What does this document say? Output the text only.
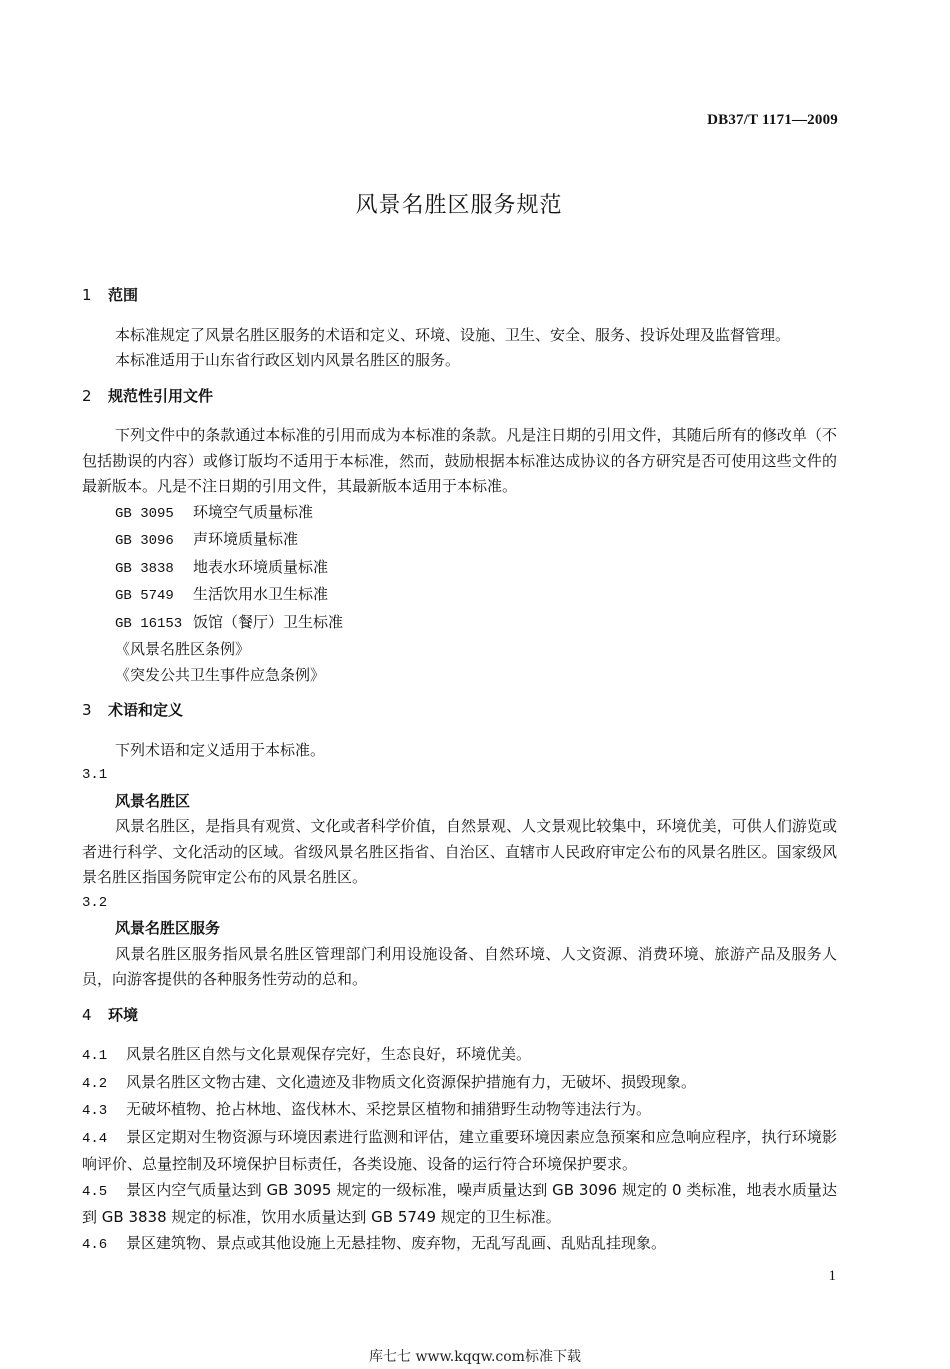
DB37/T 1171—2009
风景名胜区服务规范

1 范围

本标准规定了风景名胜区服务的术语和定义、环境、设施、卫生、安全、服务、投诉处理及监督管理。

本标准适用于山东省行政区划内风景名胜区的服务。

2 规范性引用文件

下列文件中的条款通过本标准的引用而成为本标准的条款。凡是注日期的引用文件，其随后所有的修改单（不包括勘误的内容）或修订版均不适用于本标准，然而，鼓励根据本标准达成协议的各方研究是否可使用这些文件的最新版本。凡是不注日期的引用文件，其最新版本适用于本标准。

GB 3095 环境空气质量标准

GB 3096 声环境质量标准

GB 3838 地表水环境质量标准

GB 5749 生活饮用水卫生标准

GB 16153 饭馆（餐厅）卫生标准

《风景名胜区条例》

《突发公共卫生事件应急条例》

3 术语和定义

下列术语和定义适用于本标准。

3.1

风景名胜区

风景名胜区，是指具有观赏、文化或者科学价值，自然景观、人文景观比较集中，环境优美，可供人们游览或者进行科学、文化活动的区域。省级风景名胜区指省、自治区、直辖市人民政府审定公布的风景名胜区。国家级风景名胜区指国务院审定公布的风景名胜区。

3.2

风景名胜区服务

风景名胜区服务指风景名胜区管理部门利用设施设备、自然环境、人文资源、消费环境、旅游产品及服务人员，向游客提供的各种服务性劳动的总和。

4 环境

4.1 风景名胜区自然与文化景观保存完好，生态良好，环境优美。

4.2 风景名胜区文物古建、文化遗迹及非物质文化资源保护措施有力，无破坏、损毁现象。

4.3 无破坏植物、抢占林地、盗伐林木、采挖景区植物和捕猎野生动物等违法行为。

4.4 景区定期对生物资源与环境因素进行监测和评估，建立重要环境因素应急预案和应急响应程序，执行环境影响评价、总量控制及环境保护目标责任，各类设施、设备的运行符合环境保护要求。

4.5 景区内空气质量达到 GB 3095 规定的一级标准，噪声质量达到 GB 3096 规定的 0 类标准，地表水质量达到 GB 3838 规定的标准，饮用水质量达到 GB 5749 规定的卫生标准。

4.6 景区建筑物、景点或其他设施上无悬挂物、废弃物，无乱写乱画、乱贴乱挂现象。

1
库七七 www.kqqw.com标准下载
